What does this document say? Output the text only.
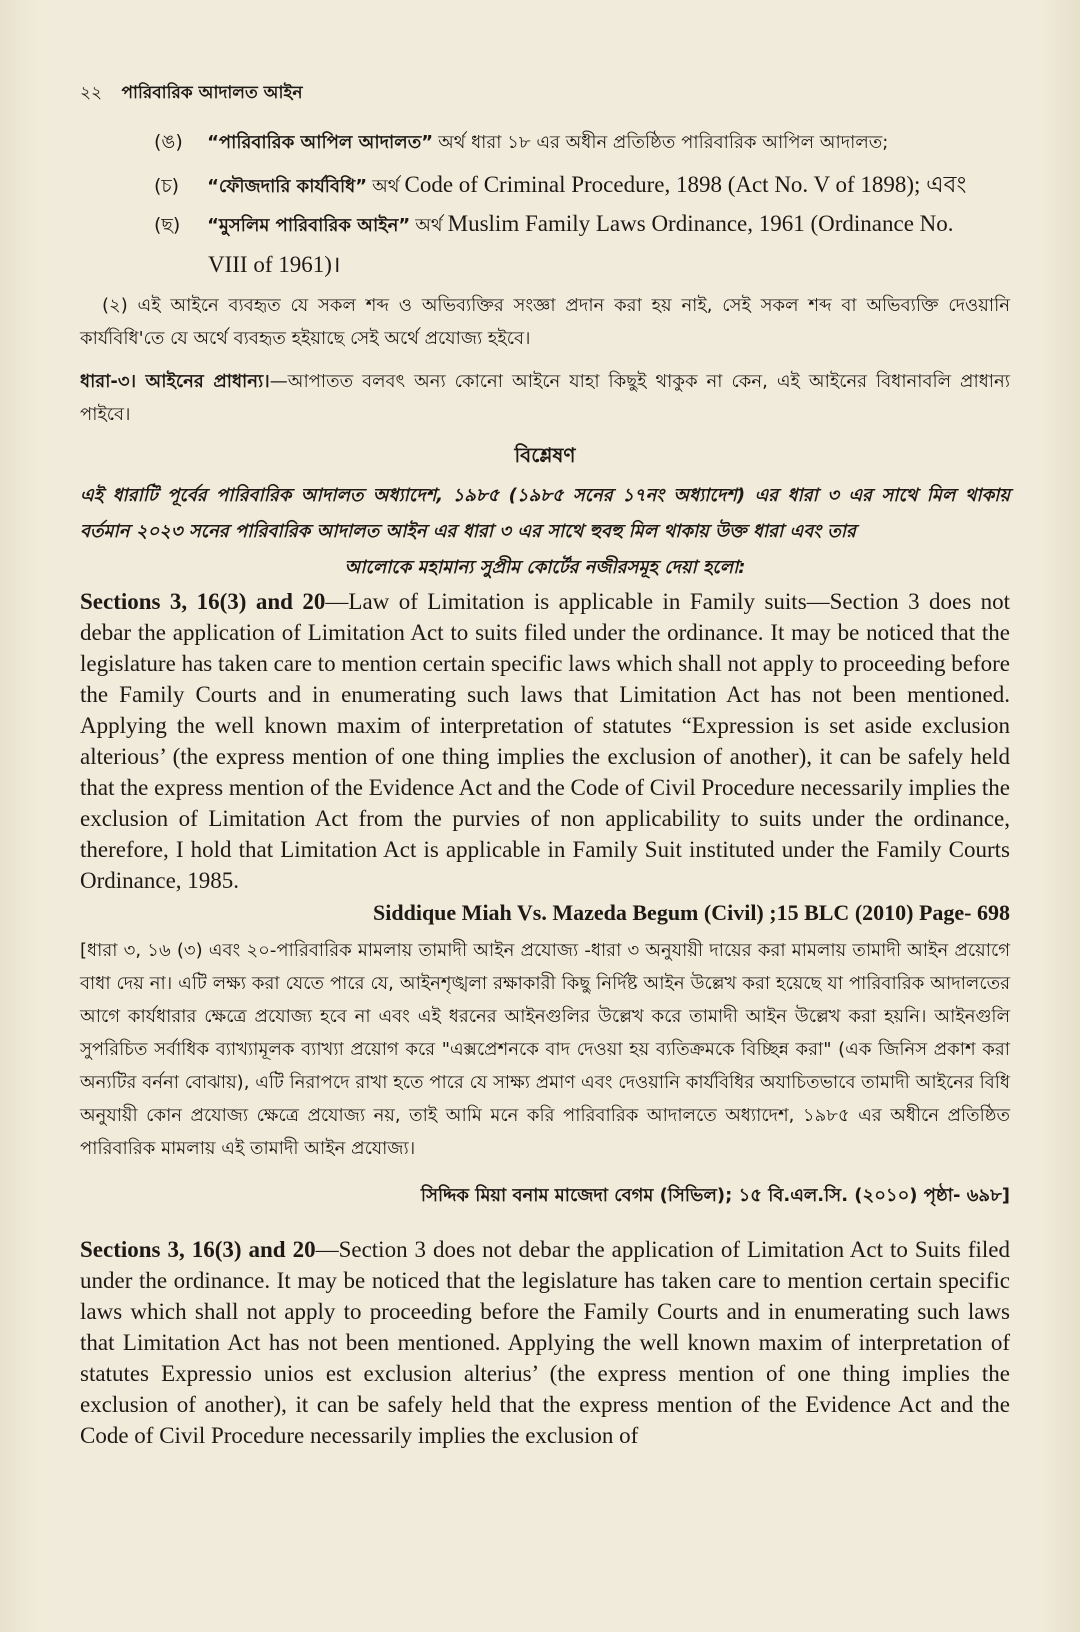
২২ পারিবারিক আদালত আইন
(ঙ) “পারিবারিক আপিল আদালত” অর্থ ধারা ১৮ এর অধীন প্রতিষ্ঠিত পারিবারিক আপিল আদালত;
(চ) “ফৌজদারি কার্যবিধি” অর্থ Code of Criminal Procedure, 1898 (Act No. V of 1898); এবং
(ছ) “মুসলিম পারিবারিক আইন” অর্থ Muslim Family Laws Ordinance, 1961 (Ordinance No.
VIII of 1961)।

(২) এই আইনে ব্যবহৃত যে সকল শব্দ ও অভিব্যক্তির সংজ্ঞা প্রদান করা হয় নাই, সেই সকল শব্দ বা অভিব্যক্তি দেওয়ানি কার্যবিধি'তে যে অর্থে ব্যবহৃত হইয়াছে সেই অর্থে প্রযোজ্য হইবে।

ধারা-৩। আইনের প্রাধান্য।—আপাতত বলবৎ অন্য কোনো আইনে যাহা কিছুই থাকুক না কেন, এই আইনের বিধানাবলি প্রাধান্য পাইবে।

বিশ্লেষণ

এই ধারাটি পূর্বের পারিবারিক আদালত অধ্যাদেশ, ১৯৮৫ (১৯৮৫ সনের ১৭নং অধ্যাদেশ) এর ধারা ৩ এর সাথে মিল থাকায় বর্তমান ২০২৩ সনের পারিবারিক আদালত আইন এর ধারা ৩ এর সাথে হুবহু মিল থাকায় উক্ত ধারা এবং তার
আলোকে মহামান্য সুপ্রীম কোর্টের নজীরসমূহ দেয়া হলো:

Sections 3, 16(3) and 20—Law of Limitation is applicable in Family suits—Section 3 does not debar the application of Limitation Act to suits filed under the ordinance. It may be noticed that the legislature has taken care to mention certain specific laws which shall not apply to proceeding before the Family Courts and in enumerating such laws that Limitation Act has not been mentioned. Applying the well known maxim of interpretation of statutes “Expression is set aside exclusion alterious’ (the express mention of one thing implies the exclusion of another), it can be safely held that the express mention of the Evidence Act and the Code of Civil Procedure necessarily implies the exclusion of Limitation Act from the purvies of non applicability to suits under the ordinance, therefore, I hold that Limitation Act is applicable in Family Suit instituted under the Family Courts Ordinance, 1985.

Siddique Miah Vs. Mazeda Begum (Civil) ;15 BLC (2010) Page- 698

[ধারা ৩, ১৬ (৩) এবং ২০-পারিবারিক মামলায় তামাদী আইন প্রযোজ্য -ধারা ৩ অনুযায়ী দায়ের করা মামলায় তামাদী আইন প্রয়োগে বাধা দেয় না। এটি লক্ষ্য করা যেতে পারে যে, আইনশৃঙ্খলা রক্ষাকারী কিছু নির্দিষ্ট আইন উল্লেখ করা হয়েছে যা পারিবারিক আদালতের আগে কার্যধারার ক্ষেত্রে প্রযোজ্য হবে না এবং এই ধরনের আইনগুলির উল্লেখ করে তামাদী আইন উল্লেখ করা হয়নি। আইনগুলি সুপরিচিত সর্বাধিক ব্যাখ্যামূলক ব্যাখ্যা প্রয়োগ করে "এক্সপ্রেশনকে বাদ দেওয়া হয় ব্যতিক্রমকে বিচ্ছিন্ন করা" (এক জিনিস প্রকাশ করা অন্যটির বর্ননা বোঝায়), এটি নিরাপদে রাখা হতে পারে যে সাক্ষ্য প্রমাণ এবং দেওয়ানি কার্যবিধির অযাচিতভাবে তামাদী আইনের বিধি অনুযায়ী কোন প্রযোজ্য ক্ষেত্রে প্রযোজ্য নয়, তাই আমি মনে করি পারিবারিক আদালতে অধ্যাদেশ, ১৯৮৫ এর অধীনে প্রতিষ্ঠিত পারিবারিক মামলায় এই তামাদী আইন প্রযোজ্য।

সিদ্দিক মিয়া বনাম মাজেদা বেগম (সিভিল); ১৫ বি.এল.সি. (২০১০) পৃষ্ঠা- ৬৯৮]

Sections 3, 16(3) and 20—Section 3 does not debar the application of Limitation Act to Suits filed under the ordinance. It may be noticed that the legislature has taken care to mention certain specific laws which shall not apply to proceeding before the Family Courts and in enumerating such laws that Limitation Act has not been mentioned. Applying the well known maxim of interpretation of statutes Expressio unios est exclusion alterius’ (the express mention of one thing implies the exclusion of another), it can be safely held that the express mention of the Evidence Act and the Code of Civil Procedure necessarily implies the exclusion of
